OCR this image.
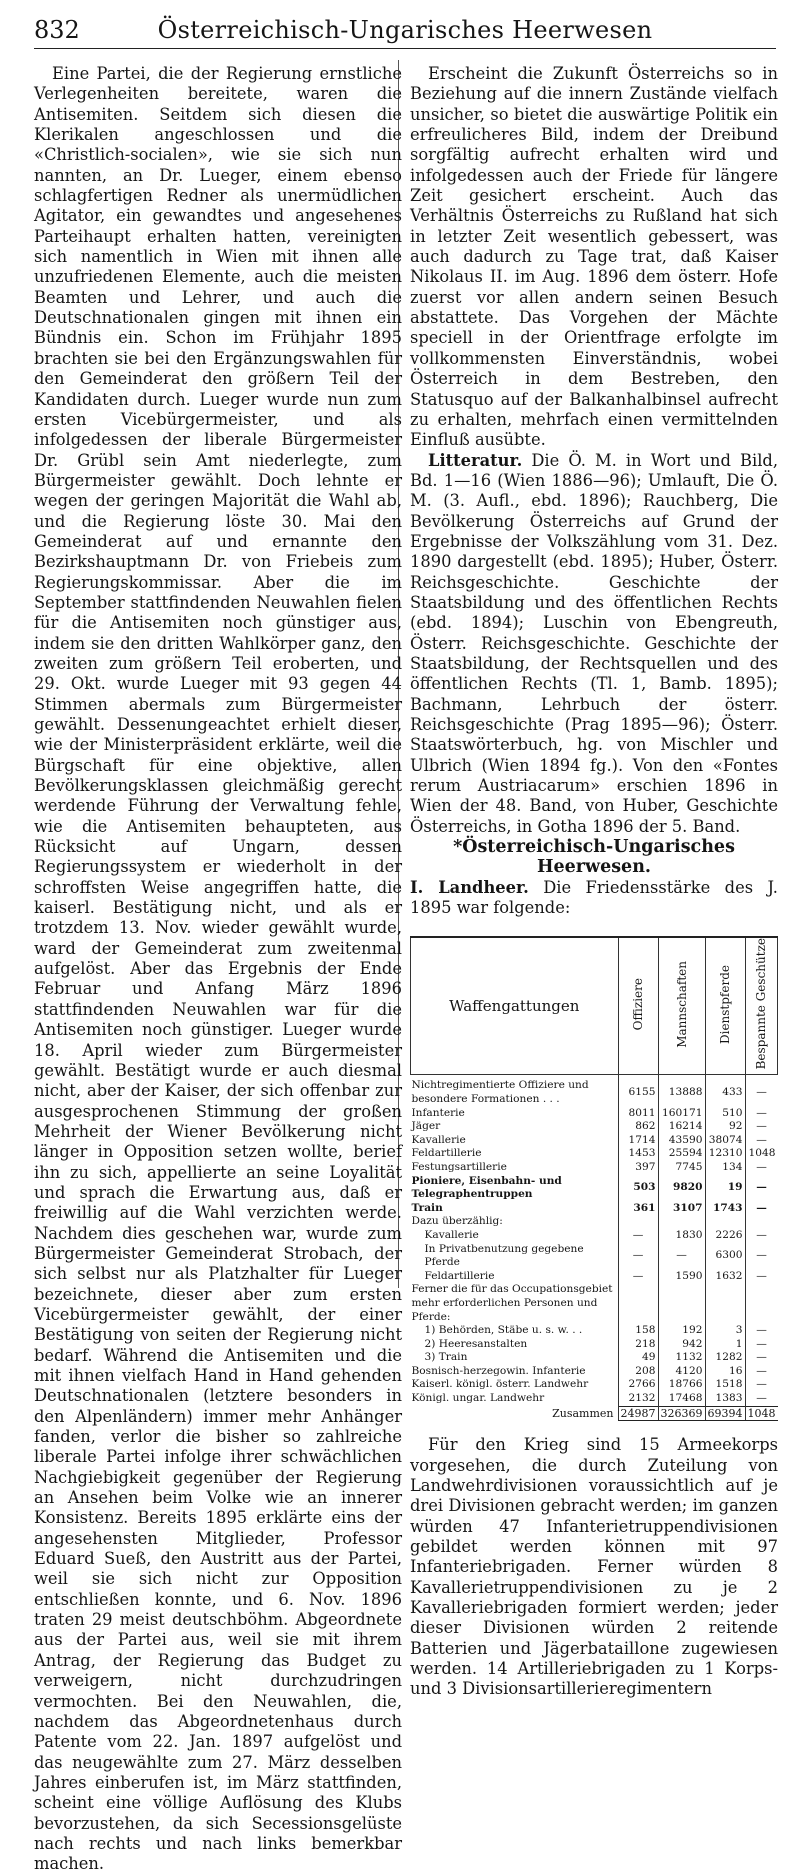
832	Österreichisch-Ungarisches Heerwesen

Eine Partei, die der Regierung ernstliche Verlegenheiten bereitete, waren die Antisemiten. Seitdem sich diesen die Klerikalen angeschlossen und die «Christlich-socialen», wie sie sich nun nannten, an Dr. Lueger, einem ebenso schlagfertigen Redner als unermüdlichen Agitator, ein gewandtes und angesehenes Parteihaupt erhalten hatten, vereinigten sich namentlich in Wien mit ihnen alle unzufriedenen Elemente, auch die meisten Beamten und Lehrer, und auch die Deutschnationalen gingen mit ihnen ein Bündnis ein. Schon im Frühjahr 1895 brachten sie bei den Ergänzungswahlen für den Gemeinderat den größern Teil der Kandidaten durch. Lueger wurde nun zum ersten Vicebürgermeister, und als infolgedessen der liberale Bürgermeister Dr. Grübl sein Amt niederlegte, zum Bürgermeister gewählt. Doch lehnte er wegen der geringen Majorität die Wahl ab, und die Regierung löste 30. Mai den Gemeinderat auf und ernannte den Bezirkshauptmann Dr. von Friebeis zum Regierungskommissar. Aber die im September stattfindenden Neuwahlen fielen für die Antisemiten noch günstiger aus, indem sie den dritten Wahlkörper ganz, den zweiten zum größern Teil eroberten, und 29. Okt. wurde Lueger mit 93 gegen 44 Stimmen abermals zum Bürgermeister gewählt. Dessenungeachtet erhielt dieser, wie der Ministerpräsident erklärte, weil die Bürgschaft für eine objektive, allen Bevölkerungsklassen gleichmäßig gerecht werdende Führung der Verwaltung fehle, wie die Antisemiten behaupteten, aus Rücksicht auf Ungarn, dessen Regierungssystem er wiederholt in der schroffsten Weise angegriffen hatte, die kaiserl. Bestätigung nicht, und als er trotzdem 13. Nov. wieder gewählt wurde, ward der Gemeinderat zum zweitenmal aufgelöst. Aber das Ergebnis der Ende Februar und Anfang März 1896 stattfindenden Neuwahlen war für die Antisemiten noch günstiger. Lueger wurde 18. April wieder zum Bürgermeister gewählt. Bestätigt wurde er auch diesmal nicht, aber der Kaiser, der sich offenbar zur ausgesprochenen Stimmung der großen Mehrheit der Wiener Bevölkerung nicht länger in Opposition setzen wollte, berief ihn zu sich, appellierte an seine Loyalität und sprach die Erwartung aus, daß er freiwillig auf die Wahl verzichten werde. Nachdem dies geschehen war, wurde zum Bürgermeister Gemeinderat Strobach, der sich selbst nur als Platzhalter für Lueger bezeichnete, dieser aber zum ersten Vicebürgermeister gewählt, der einer Bestätigung von seiten der Regierung nicht bedarf. Während die Antisemiten und die mit ihnen vielfach Hand in Hand gehenden Deutschnationalen (letztere besonders in den Alpenländern) immer mehr Anhänger fanden, verlor die bisher so zahlreiche liberale Partei infolge ihrer schwächlichen Nachgiebigkeit gegenüber der Regierung an Ansehen beim Volke wie an innerer Konsistenz. Bereits 1895 erklärte eins der angesehensten Mitglieder, Professor Eduard Sueß, den Austritt aus der Partei, weil sie sich nicht zur Opposition entschließen konnte, und 6. Nov. 1896 traten 29 meist deutschböhm. Abgeordnete aus der Partei aus, weil sie mit ihrem Antrag, der Regierung das Budget zu verweigern, nicht durchzudringen vermochten. Bei den Neuwahlen, die, nachdem das Abgeordnetenhaus durch Patente vom 22. Jan. 1897 aufgelöst und das neugewählte zum 27. März desselben Jahres einberufen ist, im März stattfinden, scheint eine völlige Auflösung des Klubs bevorzustehen, da sich Secessionsgelüste nach rechts und nach links bemerkbar machen.

Erscheint die Zukunft Österreichs so in Beziehung auf die innern Zustände vielfach unsicher, so bietet die auswärtige Politik ein erfreulicheres Bild, indem der Dreibund sorgfältig aufrecht erhalten wird und infolgedessen auch der Friede für längere Zeit gesichert erscheint. Auch das Verhältnis Österreichs zu Rußland hat sich in letzter Zeit wesentlich gebessert, was auch dadurch zu Tage trat, daß Kaiser Nikolaus II. im Aug. 1896 dem österr. Hofe zuerst vor allen andern seinen Besuch abstattete. Das Vorgehen der Mächte speciell in der Orientfrage erfolgte im vollkommensten Einverständnis, wobei Österreich in dem Bestreben, den Statusquo auf der Balkanhalbinsel aufrecht zu erhalten, mehrfach einen vermittelnden Einfluß ausübte.

Litteratur. Die Ö. M. in Wort und Bild, Bd. 1—16 (Wien 1886—96); Umlauft, Die Ö. M. (3. Aufl., ebd. 1896); Rauchberg, Die Bevölkerung Österreichs auf Grund der Ergebnisse der Volkszählung vom 31. Dez. 1890 dargestellt (ebd. 1895); Huber, Österr. Reichsgeschichte. Geschichte der Staatsbildung und des öffentlichen Rechts (ebd. 1894); Luschin von Ebengreuth, Österr. Reichsgeschichte. Geschichte der Staatsbildung, der Rechtsquellen und des öffentlichen Rechts (Tl. 1, Bamb. 1895); Bachmann, Lehrbuch der österr. Reichsgeschichte (Prag 1895—96); Österr. Staatswörterbuch, hg. von Mischler und Ulbrich (Wien 1894 fg.). Von den «Fontes rerum Austriacarum» erschien 1896 in Wien der 48. Band, von Huber, Geschichte Österreichs, in Gotha 1896 der 5. Band.

*Österreichisch-Ungarisches Heerwesen.

I. Landheer. Die Friedensstärke des J. 1895 war folgende:

Waffengattungen	Offiziere	Mannschaften	Dienstpferde	Bespannte Geschütze
Nichtregimentierte Offiziere und besondere Formationen . . .	6155	13888	433	—
Infanterie	8011	160171	510	—
Jäger	862	16214	92	—
Kavallerie	1714	43590	38074	—
Feldartillerie	1453	25594	12310	1048
Festungsartillerie	397	7745	134	—
Pioniere, Eisenbahn- und Telegraphentruppen	503	9820	19	—
Train	361	3107	1743	—
Dazu überzählig:				
Kavallerie	—	1830	2226	—
In Privatbenutzung gegebene Pferde	—	—	6300	—
Feldartillerie	—	1590	1632	—
Ferner die für das Occupationsgebiet mehr erforderlichen Personen und Pferde:				
1) Behörden, Stäbe u. s. w. . .	158	192	3	—
2) Heeresanstalten	218	942	1	—
3) Train	49	1132	1282	—
Bosnisch-herzegowin. Infanterie	208	4120	16	—
Kaiserl. königl. österr. Landwehr	2766	18766	1518	—
Königl. ungar. Landwehr	2132	17468	1383	—
Zusammen	24987	326369	69394	1048

Für den Krieg sind 15 Armeekorps vorgesehen, die durch Zuteilung von Landwehrdivisionen voraussichtlich auf je drei Divisionen gebracht werden; im ganzen würden 47 Infanterietruppendivisionen gebildet werden können mit 97 Infanteriebrigaden. Ferner würden 8 Kavallerietruppendivisionen zu je 2 Kavalleriebrigaden formiert werden; jeder dieser Divisionen würden 2 reitende Batterien und Jägerbataillone zugewiesen werden. 14 Artilleriebrigaden zu 1 Korps- und 3 Divisionsartillerieregimentern
